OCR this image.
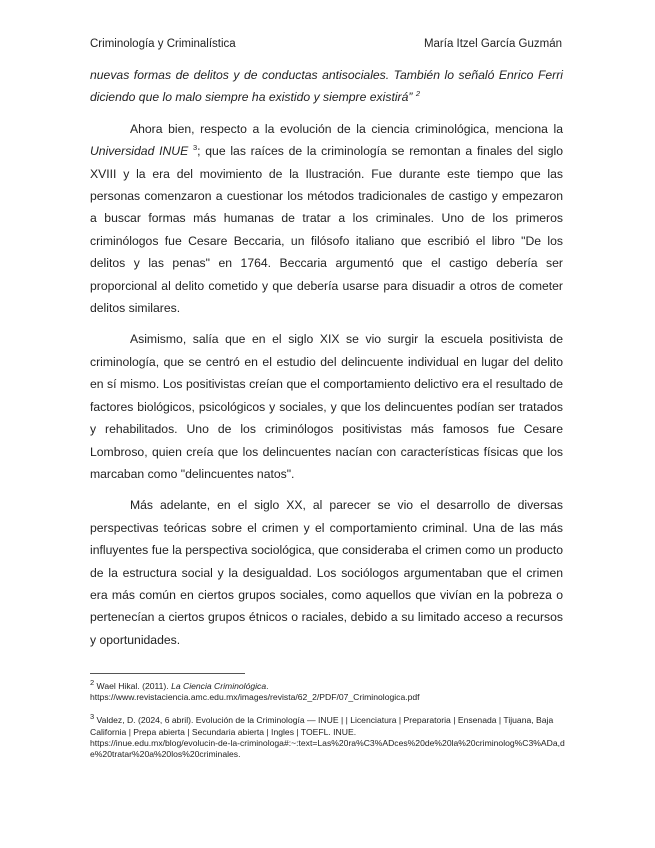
Criminología y Criminalística	María Itzel García Guzmán

nuevas formas de delitos y de conductas antisociales. También lo señaló Enrico Ferri diciendo que lo malo siempre ha existido y siempre existirá” $^2$

Ahora bien, respecto a la evolución de la ciencia criminológica, menciona la Universidad INUE $^3$; que las raíces de la criminología se remontan a finales del siglo XVIII y la era del movimiento de la Ilustración. Fue durante este tiempo que las personas comenzaron a cuestionar los métodos tradicionales de castigo y empezaron a buscar formas más humanas de tratar a los criminales. Uno de los primeros criminólogos fue Cesare Beccaria, un filósofo italiano que escribió el libro "De los delitos y las penas" en 1764. Beccaria argumentó que el castigo debería ser proporcional al delito cometido y que debería usarse para disuadir a otros de cometer delitos similares.

Asimismo, salía que en el siglo XIX se vio surgir la escuela positivista de criminología, que se centró en el estudio del delincuente individual en lugar del delito en sí mismo. Los positivistas creían que el comportamiento delictivo era el resultado de factores biológicos, psicológicos y sociales, y que los delincuentes podían ser tratados y rehabilitados. Uno de los criminólogos positivistas más famosos fue Cesare Lombroso, quien creía que los delincuentes nacían con características físicas que los marcaban como "delincuentes natos".

Más adelante, en el siglo XX, al parecer se vio el desarrollo de diversas perspectivas teóricas sobre el crimen y el comportamiento criminal. Una de las más influyentes fue la perspectiva sociológica, que consideraba el crimen como un producto de la estructura social y la desigualdad. Los sociólogos argumentaban que el crimen era más común en ciertos grupos sociales, como aquellos que vivían en la pobreza o pertenecían a ciertos grupos étnicos o raciales, debido a su limitado acceso a recursos y oportunidades.

$^2$ Wael Hikal. (2011). La Ciencia Criminológica.
https://www.revistaciencia.amc.edu.mx/images/revista/62_2/PDF/07_Criminologica.pdf

$^3$ Valdez, D. (2024, 6 abril). Evolución de la Criminología — INUE | | Licenciatura | Preparatoria | Ensenada | Tijuana, Baja California | Prepa abierta | Secundaria abierta | Ingles | TOEFL. INUE.
https://inue.edu.mx/blog/evolucin-de-la-criminologa#:~:text=Las%20ra%C3%ADces%20de%20la%20criminolog%C3%ADa,de%20tratar%20a%20los%20criminales.
